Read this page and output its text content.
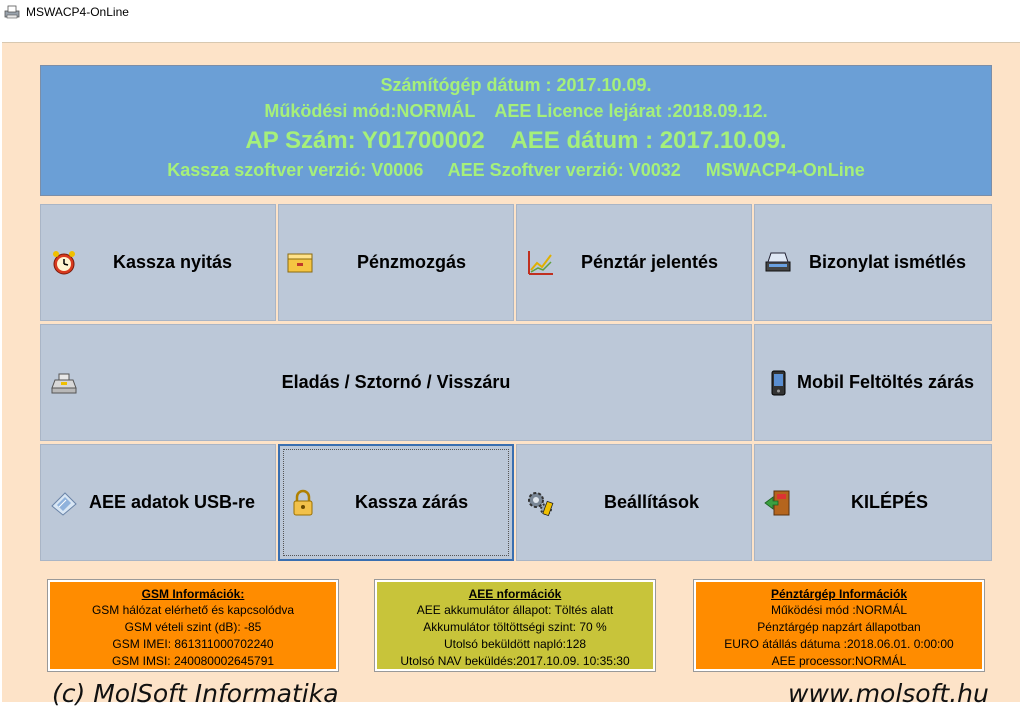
MSWACP4-OnLine
Számítógép dátum : 2017.10.09.
Működési mód:NORMÁL    AEE Licence lejárat :2018.09.12.
AP Szám: Y01700002    AEE dátum : 2017.10.09.
Kassza szoftver verzió: V0006     AEE Szoftver verzió: V0032     MSWACP4-OnLine
Kassza nyitás	Pénzmozgás	Pénztár jelentés	Bizonylat ismétlés
Eladás / Sztornó / Visszáru	Mobil Feltöltés zárás
AEE adatok USB-re	Kassza zárás	Beállítások	KILÉPÉS
GSM Információk:
GSM hálózat elérhető és kapcsolódva
GSM vételi szint (dB): -85
GSM IMEI: 861311000702240
GSM IMSI: 240080002645791
AEE nformációk
AEE akkumulátor állapot: Töltés alatt
Akkumulátor töltöttségi szint: 70 %
Utolsó beküldött napló:128
Utolsó NAV beküldés:2017.10.09. 10:35:30
Pénztárgép Információk
Működési mód :NORMÁL
Pénztárgép napzárt állapotban
EURO átállás dátuma :2018.06.01. 0:00:00
AEE processor:NORMÁL
(c) MolSoft Informatika	www.molsoft.hu
